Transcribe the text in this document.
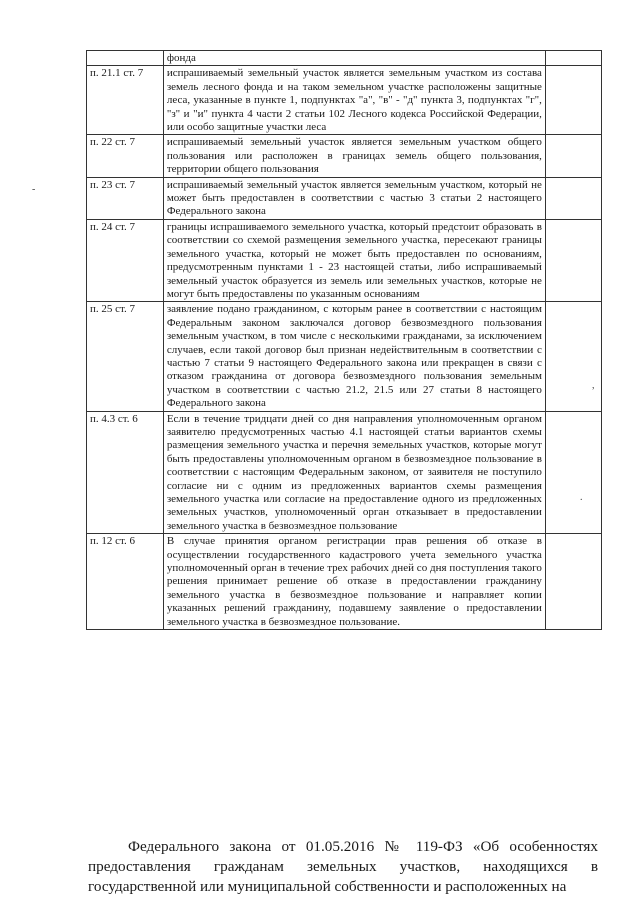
	фонда	
п. 21.1 ст. 7	испрашиваемый земельный участок является земельным участком из состава земель лесного фонда и на таком земельном участке расположены защитные леса, указанные в пункте 1, подпунктах "а", "в" - "д" пункта 3, подпунктах "г", "з" и "и" пункта 4 части 2 статьи 102 Лесного кодекса Российской Федерации, или особо защитные участки леса	
п. 22 ст. 7	испрашиваемый земельный участок является земельным участком общего пользования или расположен в границах земель общего пользования, территории общего пользования	
п. 23 ст. 7	испрашиваемый земельный участок является земельным участком, который не может быть предоставлен в соответствии с частью 3 статьи 2 настоящего Федерального закона	
п. 24 ст. 7	границы испрашиваемого земельного участка, который предстоит образовать в соответствии со схемой размещения земельного участка, пересекают границы земельного участка, который не может быть предоставлен по основаниям, предусмотренным пунктами 1 - 23 настоящей статьи, либо испрашиваемый земельный участок образуется из земель или земельных участков, которые не могут быть предоставлены по указанным основаниям	
п. 25 ст. 7	заявление подано гражданином, с которым ранее в соответствии с настоящим Федеральным законом заключался договор безвозмездного пользования земельным участком, в том числе с несколькими гражданами, за исключением случаев, если такой договор был признан недействительным в соответствии с частью 7 статьи 9 настоящего Федерального закона или прекращен в связи с отказом гражданина от договора безвозмездного пользования земельным участком в соответствии с частью 21.2, 21.5 или 27 статьи 8 настоящего Федерального закона	
п. 4.3 ст. 6	Если в течение тридцати дней со дня направления уполномоченным органом заявителю предусмотренных частью 4.1 настоящей статьи вариантов схемы размещения земельного участка и перечня земельных участков, которые могут быть предоставлены уполномоченным органом в безвозмездное пользование в соответствии с настоящим Федеральным законом, от заявителя не поступило согласие ни с одним из предложенных вариантов схемы размещения земельного участка или согласие на предоставление одного из предложенных земельных участков, уполномоченный орган отказывает в предоставлении земельного участка в безвозмездное пользование	
п. 12 ст. 6	В случае принятия органом регистрации прав решения об отказе в осуществлении государственного кадастрового учета земельного участка уполномоченный орган в течение трех рабочих дней со дня поступления такого решения принимает решение об отказе в предоставлении гражданину земельного участка в безвозмездное пользование и направляет копии указанных решений гражданину, подавшему заявление о предоставлении земельного участка в безвозмездное пользование.	
-
,
.

Федерального закона от 01.05.2016 № 119-ФЗ «Об особенностях предоставления гражданам земельных участков, находящихся в государственной или муниципальной собственности и расположенных на
